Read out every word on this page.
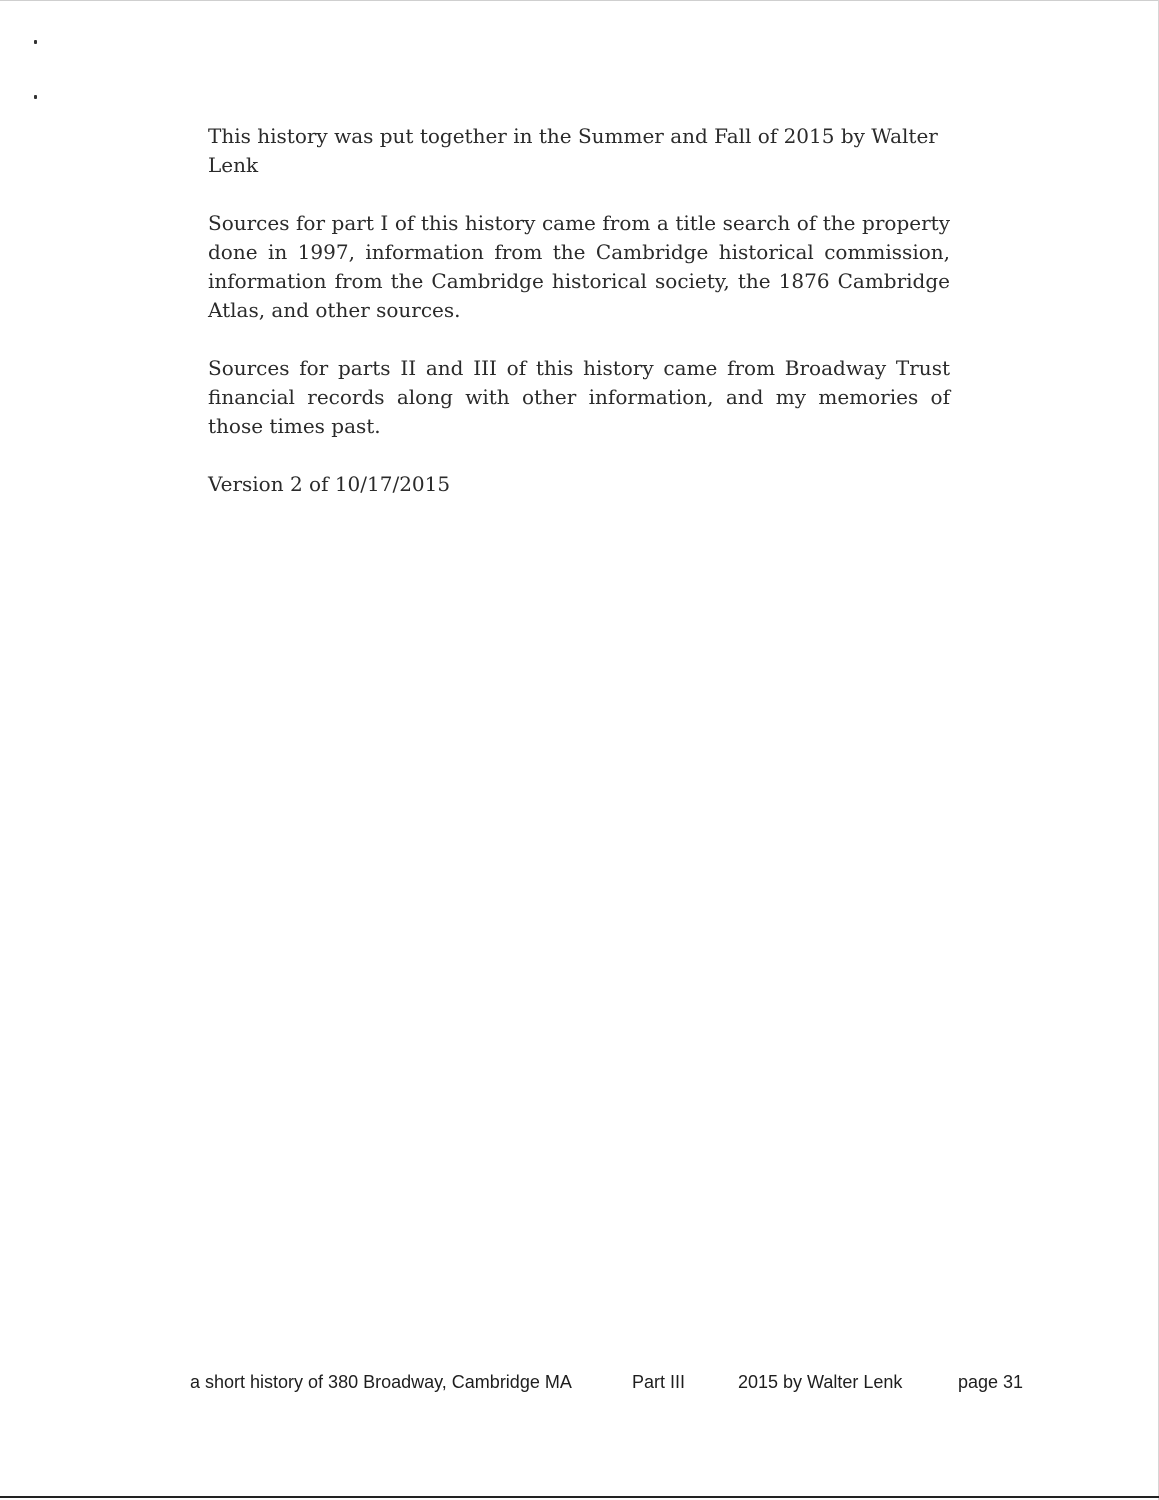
This history was put together in the Summer and Fall of 2015 by Walter Lenk

Sources for part I of this history came from a title search of the property done in 1997, information from the Cambridge historical commission, information from the Cambridge historical society, the 1876 Cambridge Atlas, and other sources.

Sources for parts II and III of this history came from Broadway Trust financial records along with other information, and my memories of those times past.

Version 2 of 10/17/2015

a short history of 380 Broadway, Cambridge MA	Part III	2015 by Walter Lenk	page 31
